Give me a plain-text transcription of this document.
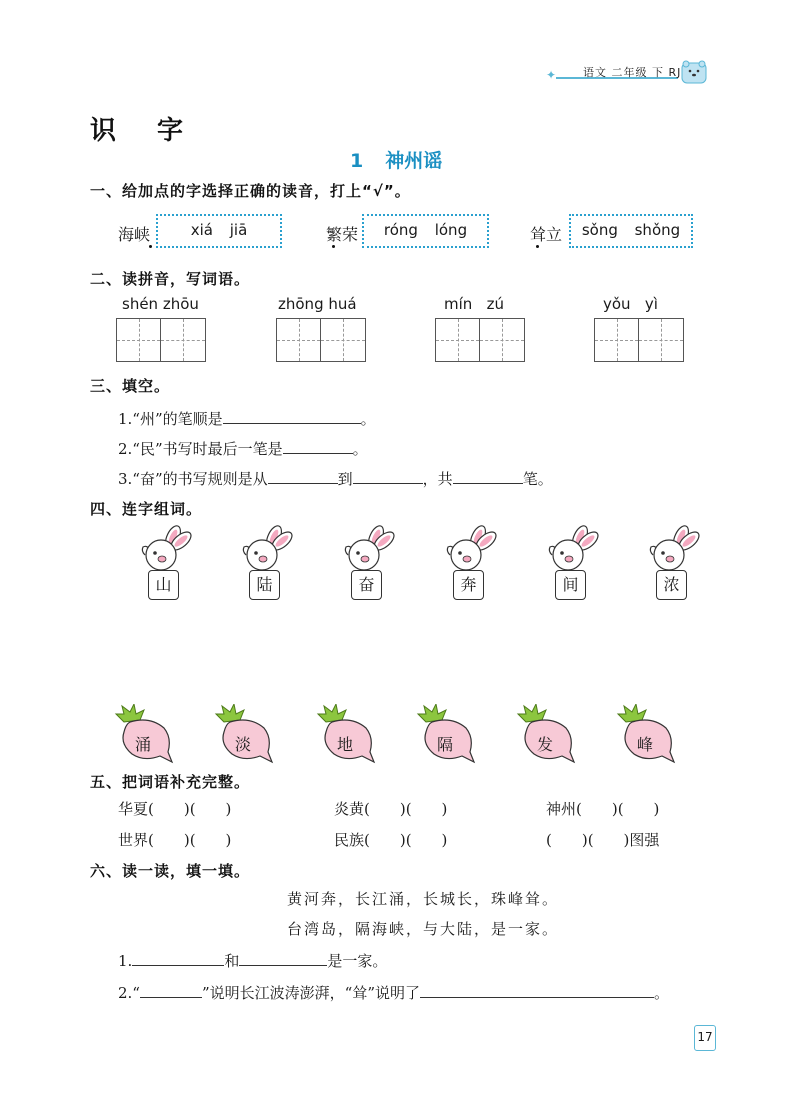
✦ 语文 二年级 下 RJ
识 字
1 神州谣
一、给加点的字选择正确的读音，打上“√”。
海峡	xiá jiā	繁荣	róng lóng	耸立	sǒng shǒng
二、读拼音，写词语。
shén zhōu	zhōng huá	mín   zú	yǒu   yì
三、填空。
1.“州”的笔顺是	。
2.“民”书写时最后一笔是	。
3.“奋”的书写规则是从	到	，共	笔。
四、连字组词。
山	陆	奋	奔	间	浓
涌	淡	地	隔	发	峰
五、把词语补充完整。
华夏(　　)(　　)	炎黄(　　)(　　)	神州(　　)(　　)
世界(　　)(　　)	民族(　　)(　　)	(　　)(　　)图强
六、读一读，填一填。
黄河奔，长江涌，长城长，珠峰耸。
台湾岛，隔海峡，与大陆，是一家。
1.	和	是一家。
2.“	”说明长江波涛澎湃，“耸”说明了	。
17
